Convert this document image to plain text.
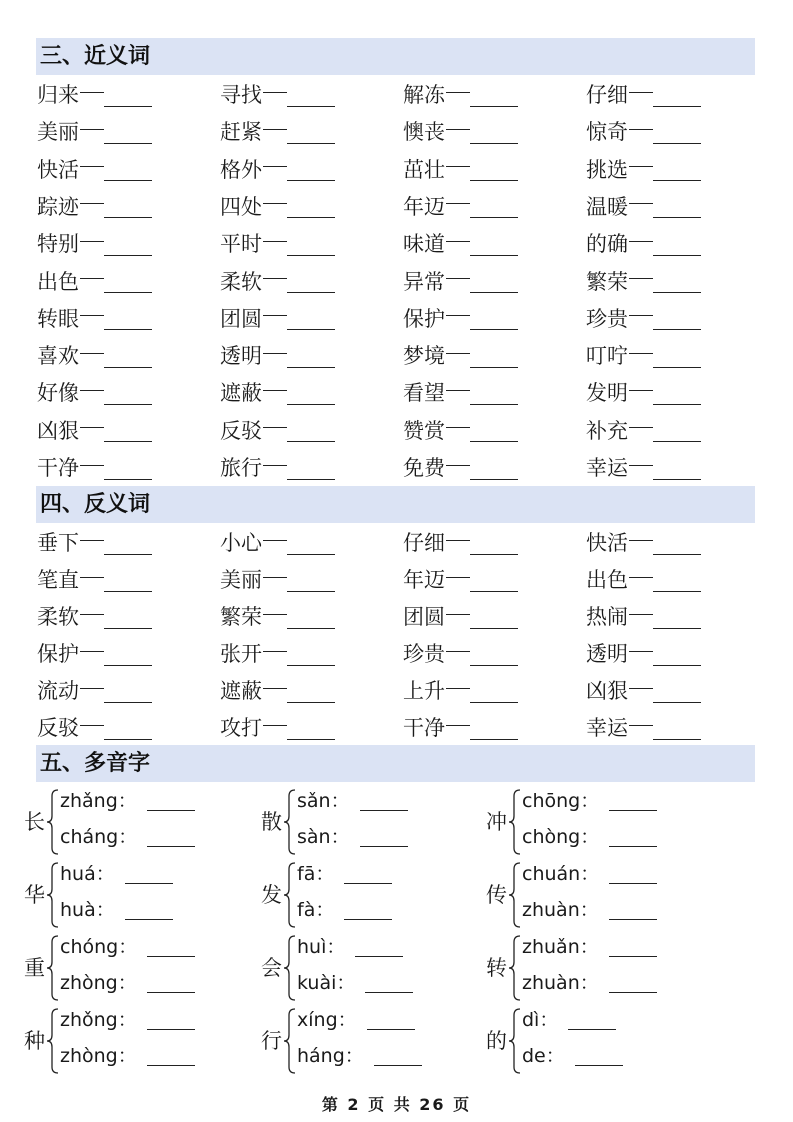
三、近义词
归来	寻找	解冻	仔细
美丽	赶紧	懊丧	惊奇
快活	格外	茁壮	挑选
踪迹	四处	年迈	温暖
特别	平时	味道	的确
出色	柔软	异常	繁荣
转眼	团圆	保护	珍贵
喜欢	透明	梦境	叮咛
好像	遮蔽	看望	发明
凶狠	反驳	赞赏	补充
干净	旅行	免费	幸运
四、反义词
垂下	小心	仔细	快活
笔直	美丽	年迈	出色
柔软	繁荣	团圆	热闹
保护	张开	珍贵	透明
流动	遮蔽	上升	凶狠
反驳	攻打	干净	幸运
五、多音字
长
zhǎng ：
cháng ：
散
sǎn ：
sàn ：
冲
chōng ：
chòng ：
华
huá ：
huà ：
发
fā ：
fà ：
传
chuán ：
zhuàn ：
重
chóng ：
zhòng ：
会
huì ：
kuài ：
转
zhuǎn ：
zhuàn ：
种
zhǒng ：
zhòng ：
行
xíng ：
háng ：
的
dì ：
de ：
第 2 页 共 26 页
